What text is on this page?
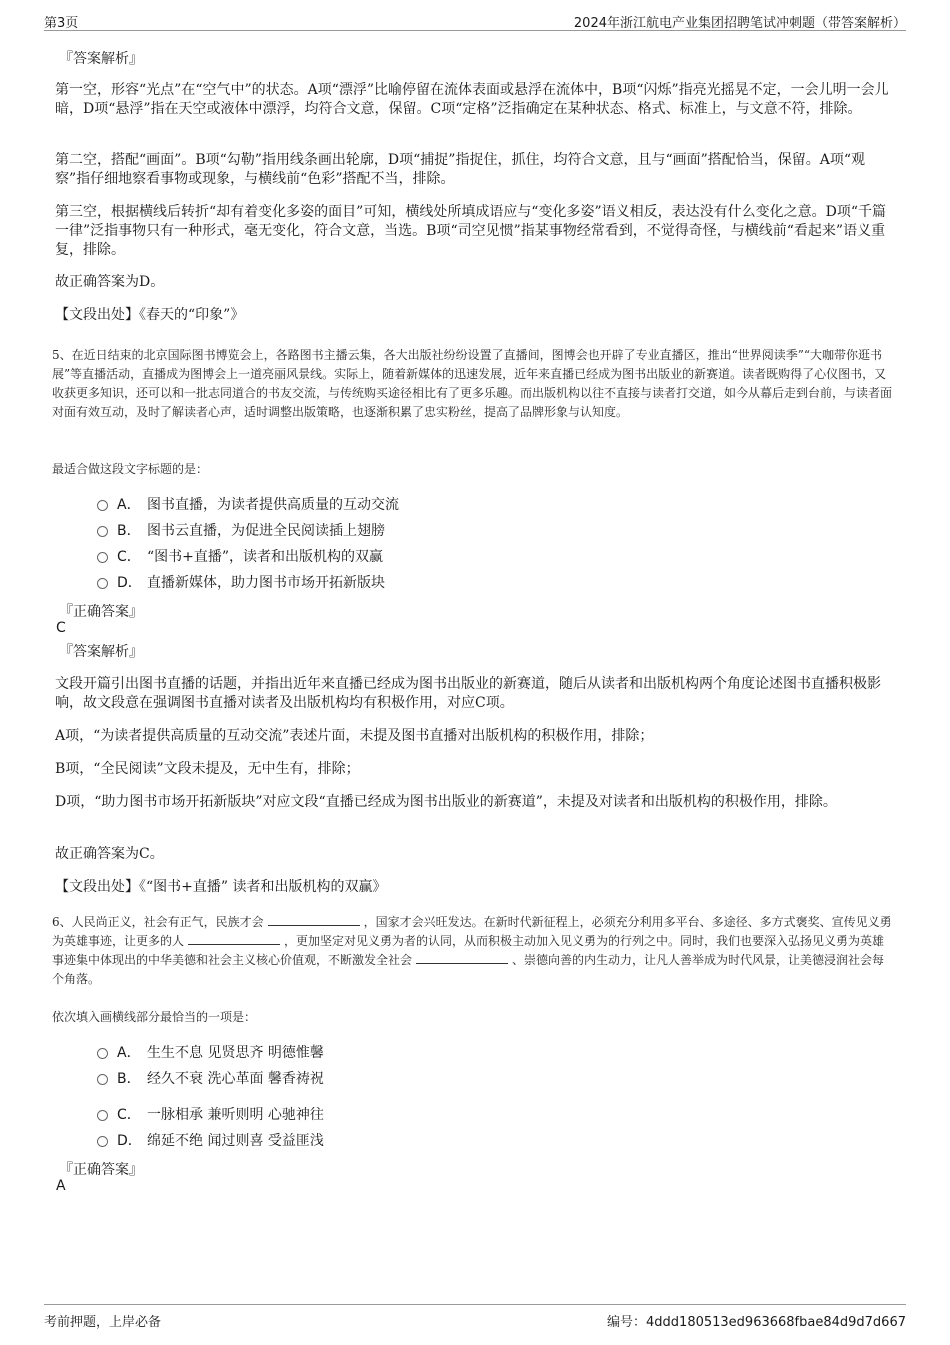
第3页	2024年浙江航电产业集团招聘笔试冲刺题（带答案解析）
『答案解析』
第一空，形容“光点”在“空气中”的状态。A项“漂浮”比喻停留在流体表面或悬浮在流体中，B项“闪烁”指亮光摇晃不定，一会儿明一会儿暗，D项“悬浮”指在天空或液体中漂浮，均符合文意，保留。C项“定格”泛指确定在某种状态、格式、标准上，与文意不符，排除。
第二空，搭配“画面”。B项“勾勒”指用线条画出轮廓，D项“捕捉”指捉住，抓住，均符合文意，且与“画面”搭配恰当，保留。A项“观察”指仔细地察看事物或现象，与横线前“色彩”搭配不当，排除。
第三空，根据横线后转折“却有着变化多姿的面目”可知，横线处所填成语应与“变化多姿”语义相反，表达没有什么变化之意。D项“千篇一律”泛指事物只有一种形式，毫无变化，符合文意，当选。B项“司空见惯”指某事物经常看到，不觉得奇怪，与横线前“看起来”语义重复，排除。
故正确答案为D。
【文段出处】《春天的“印象”》
5、在近日结束的北京国际图书博览会上，各路图书主播云集，各大出版社纷纷设置了直播间，图博会也开辟了专业直播区，推出“世界阅读季”“大咖带你逛书展”等直播活动，直播成为图博会上一道亮丽风景线。实际上，随着新媒体的迅速发展，近年来直播已经成为图书出版业的新赛道。读者既购得了心仪图书，又收获更多知识，还可以和一批志同道合的书友交流，与传统购买途径相比有了更多乐趣。而出版机构以往不直接与读者打交道，如今从幕后走到台前，与读者面对面有效互动，及时了解读者心声，适时调整出版策略，也逐渐积累了忠实粉丝，提高了品牌形象与认知度。
最适合做这段文字标题的是：
A． 图书直播，为读者提供高质量的互动交流
B． 图书云直播，为促进全民阅读插上翅膀
C． “图书+直播”，读者和出版机构的双赢
D． 直播新媒体，助力图书市场开拓新版块
『正确答案』
C
『答案解析』
文段开篇引出图书直播的话题，并指出近年来直播已经成为图书出版业的新赛道，随后从读者和出版机构两个角度论述图书直播积极影响，故文段意在强调图书直播对读者及出版机构均有积极作用，对应C项。
A项，“为读者提供高质量的互动交流”表述片面，未提及图书直播对出版机构的积极作用，排除；
B项，“全民阅读”文段未提及，无中生有，排除；
D项，“助力图书市场开拓新版块”对应文段“直播已经成为图书出版业的新赛道”，未提及对读者和出版机构的积极作用，排除。
故正确答案为C。
【文段出处】《“图书+直播” 读者和出版机构的双赢》
6、人民尚正义，社会有正气，民族才会	，国家才会兴旺发达。在新时代新征程上，必须充分利用多平台、多途径、多方式褒奖、宣传见义勇为英雄事迹，让更多的人	，更加坚定对见义勇为者的认同，从而积极主动加入见义勇为的行列之中。同时，我们也要深入弘扬见义勇为英雄事迹集中体现出的中华美德和社会主义核心价值观，不断激发全社会	、崇德向善的内生动力，让凡人善举成为时代风景，让美德浸润社会每个角落。
依次填入画横线部分最恰当的一项是：
A． 生生不息 见贤思齐 明德惟馨
B． 经久不衰 洗心革面 馨香祷祝
C． 一脉相承 兼听则明 心驰神往
D． 绵延不绝 闻过则喜 受益匪浅
『正确答案』
A
考前押题，上岸必备	编号：4ddd180513ed963668fbae84d9d7d667
